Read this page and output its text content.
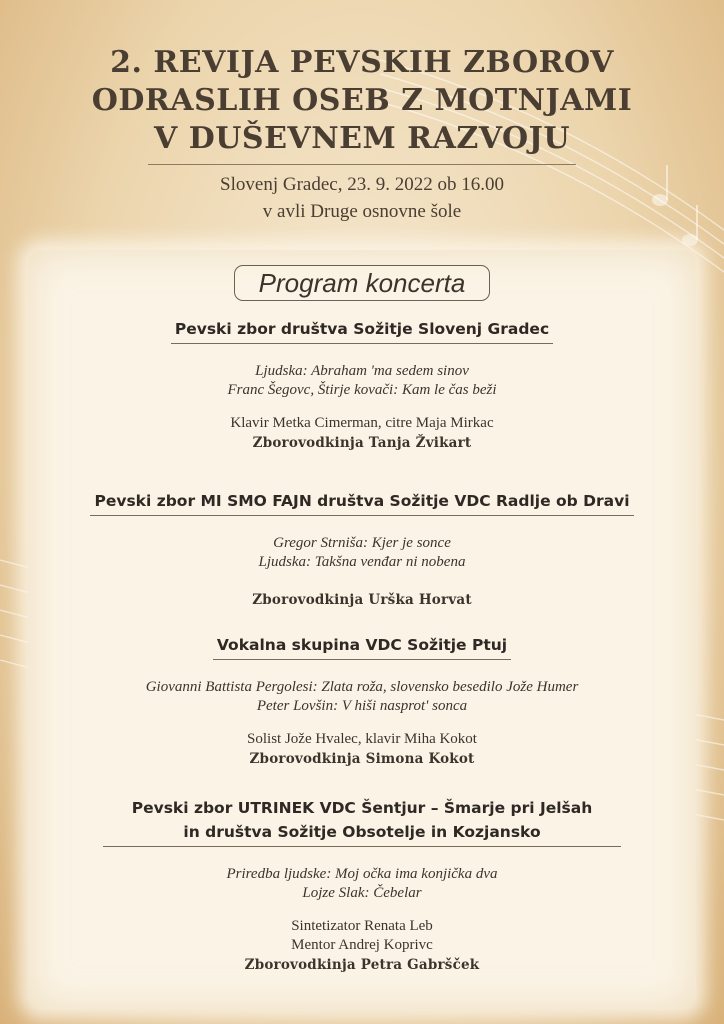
2. REVIJA PEVSKIH ZBOROV
ODRASLIH OSEB Z MOTNJAMI
V DUŠEVNEM RAZVOJU
Slovenj Gradec, 23. 9. 2022 ob 16.00
v avli Druge osnovne šole
Program koncerta
Pevski zbor društva Sožitje Slovenj Gradec
Ljudska: Abraham 'ma sedem sinov
Franc Šegovc, Štirje kovači: Kam le čas beži
Klavir Metka Cimerman, citre Maja Mirkac
Zborovodkinja Tanja Žvikart
Pevski zbor MI SMO FAJN društva Sožitje VDC Radlje ob Dravi
Gregor Strniša: Kjer je sonce
Ljudska: Takšna venđar ni nobena
Zborovodkinja Urška Horvat
Vokalna skupina VDC Sožitje Ptuj
Giovanni Battistа Pergolesi: Zlata roža, slovensko besedilo Jože Humer
Peter Lovšin: V hiši nasprot' sonca
Solist Jože Hvalec, klavir Miha Kokot
Zborovodkinja Simona Kokot
Pevski zbor UTRINEK VDC Šentjur – Šmarje pri Jelšah
in društva Sožitje Obsotelje in Kozjansko
Priredba ljudske: Moj očka ima konjička dva
Lojze Slak: Čebelar
Sintetizator Renata Leb
Mentor Andrej Koprivc
Zborovodkinja Petra Gabršček
